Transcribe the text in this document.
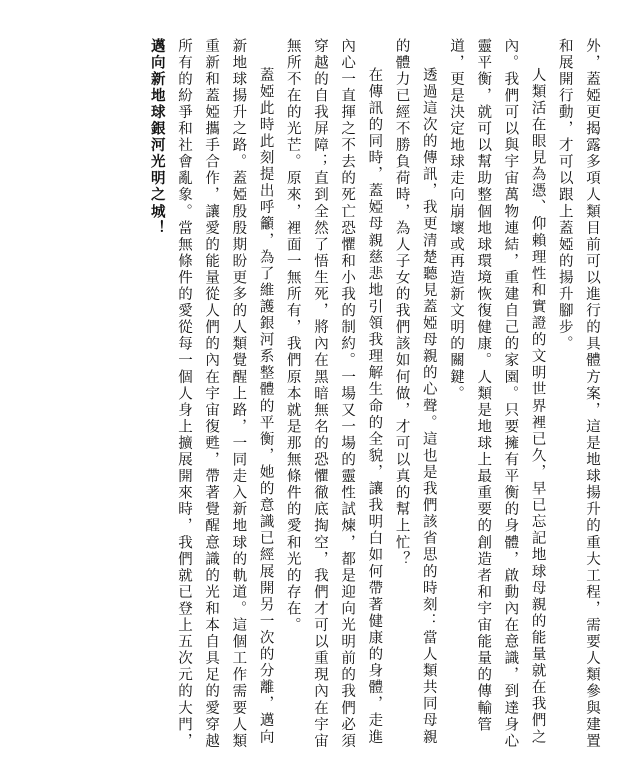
外，蓋婭更揭露多項人類目前可以進行的具體方案，這是地球揚升的重大工程，需要人類參與建置和展開行動，才可以跟上蓋婭的揚升腳步。

人類活在眼見為憑、仰賴理性和實證的文明世界裡已久，早已忘記地球母親的能量就在我們之內。我們可以與宇宙萬物連結，重建自己的家園。只要擁有平衡的身體，啟動內在意識，到達身心靈平衡，就可以幫助整個地球環境恢復健康。人類是地球上最重要的創造者和宇宙能量的傳輸管道，更是決定地球走向崩壞或再造新文明的關鍵。

透過這次的傳訊，我更清楚聽見蓋婭母親的心聲。這也是我們該省思的時刻：當人類共同母親的體力已經不勝負荷時，為人子女的我們該如何做，才可以真的幫上忙？

在傳訊的同時，蓋婭母親慈悲地引領我理解生命的全貌，讓我明白如何帶著健康的身體，走進內心一直揮之不去的死亡恐懼和小我的制約。一場又一場的靈性試煉，都是迎向光明前的我們必須穿越的自我屏障；直到全然了悟生死，將內在黑暗無名的恐懼徹底掏空，我們才可以重現內在宇宙無所不在的光芒。原來，裡面一無所有，我們原本就是那無條件的愛和光的存在。

蓋婭此時此刻提出呼籲，為了維護銀河系整體的平衡，她的意識已經展開另一次的分離，邁向新地球揚升之路。蓋婭殷殷期盼更多的人類覺醒上路，一同走入新地球的軌道。這個工作需要人類重新和蓋婭攜手合作，讓愛的能量從人們的內在宇宙復甦，帶著覺醒意識的光和本自具足的愛穿越所有的紛爭和社會亂象。當無條件的愛從每一個人身上擴展開來時，我們就已登上五次元的大門，

邁向新地球銀河光明之城！
